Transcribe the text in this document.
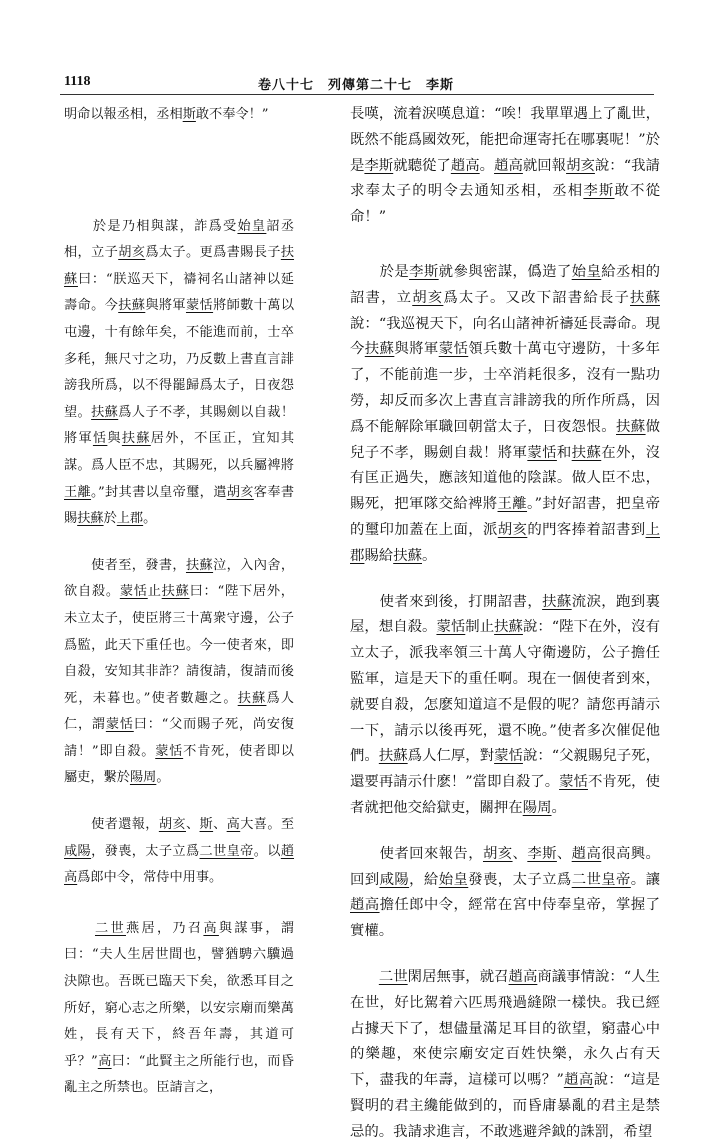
1118	卷八十七　列傳第二十七　李斯

明命以報丞相，丞相斯敢不奉令！”

　　於是乃相與謀，詐爲受始皇詔丞相，立子胡亥爲太子。更爲書賜長子扶蘇曰：“朕巡天下，禱祠名山諸神以延壽命。今扶蘇與將軍蒙恬將師數十萬以屯邊，十有餘年矣，不能進而前，士卒多秏，無尺寸之功，乃反數上書直言誹謗我所爲，以不得罷歸爲太子，日夜怨望。扶蘇爲人子不孝，其賜劍以自裁！將軍恬與扶蘇居外，不匡正，宜知其謀。爲人臣不忠，其賜死，以兵屬裨將王離。”封其書以皇帝璽，遣胡亥客奉書賜扶蘇於上郡。

　　使者至，發書，扶蘇泣，入內舍，欲自殺。蒙恬止扶蘇曰：“陛下居外，未立太子，使臣將三十萬衆守邊，公子爲監，此天下重任也。今一使者來，即自殺，安知其非詐？請復請，復請而後死，未暮也。”使者數趣之。扶蘇爲人仁，謂蒙恬曰：“父而賜子死，尚安復請！”即自殺。蒙恬不肯死，使者即以屬吏，繫於陽周。

　　使者還報，胡亥、斯、高大喜。至咸陽，發喪，太子立爲二世皇帝。以趙高爲郎中令，常侍中用事。

　　二世燕居，乃召高與謀事，謂曰：“夫人生居世間也，譬猶騁六驥過決隙也。吾既已臨天下矣，欲悉耳目之所好，窮心志之所樂，以安宗廟而樂萬姓，長有天下，終吾年壽，其道可乎？”高曰：“此賢主之所能行也，而昏亂主之所禁也。臣請言之，

長嘆，流着淚嘆息道：“唉！我單單遇上了亂世，既然不能爲國效死，能把命運寄托在哪裏呢！”於是李斯就聽從了趙高。趙高就回報胡亥說：“我請求奉太子的明令去通知丞相，丞相李斯敢不從命！”

　　於是李斯就參與密謀，僞造了始皇給丞相的詔書，立胡亥爲太子。又改下詔書給長子扶蘇說：“我巡視天下，向名山諸神祈禱延長壽命。現今扶蘇與將軍蒙恬領兵數十萬屯守邊防，十多年了，不能前進一步，士卒消耗很多，沒有一點功勞，却反而多次上書直言誹謗我的所作所爲，因爲不能解除軍職回朝當太子，日夜怨恨。扶蘇做兒子不孝，賜劍自裁！將軍蒙恬和扶蘇在外，沒有匡正過失，應該知道他的陰謀。做人臣不忠，賜死，把軍隊交給裨將王離。”封好詔書，把皇帝的璽印加蓋在上面，派胡亥的門客捧着詔書到上郡賜給扶蘇。

　　使者來到後，打開詔書，扶蘇流淚，跑到裏屋，想自殺。蒙恬制止扶蘇說：“陛下在外，沒有立太子，派我率領三十萬人守衛邊防，公子擔任監軍，這是天下的重任啊。現在一個使者到來，就要自殺，怎麽知道這不是假的呢？請您再請示一下，請示以後再死，還不晚。”使者多次催促他們。扶蘇爲人仁厚，對蒙恬說：“父親賜兒子死，還要再請示什麽！”當即自殺了。蒙恬不肯死，使者就把他交給獄吏，關押在陽周。

　　使者回來報告，胡亥、李斯、趙高很高興。回到咸陽，給始皇發喪，太子立爲二世皇帝。讓趙高擔任郎中令，經常在宮中侍奉皇帝，掌握了實權。

　　二世閑居無事，就召趙高商議事情說：“人生在世，好比駕着六匹馬飛過縫隙一樣快。我已經占據天下了，想儘量滿足耳目的欲望，窮盡心中的樂趣，來使宗廟安定百姓快樂，永久占有天下，盡我的年壽，這樣可以嗎？”趙高說：“這是賢明的君主纔能做到的，而昏庸暴亂的君主是禁忌的。我請求進言，不敢逃避斧鉞的誅罰，希望
